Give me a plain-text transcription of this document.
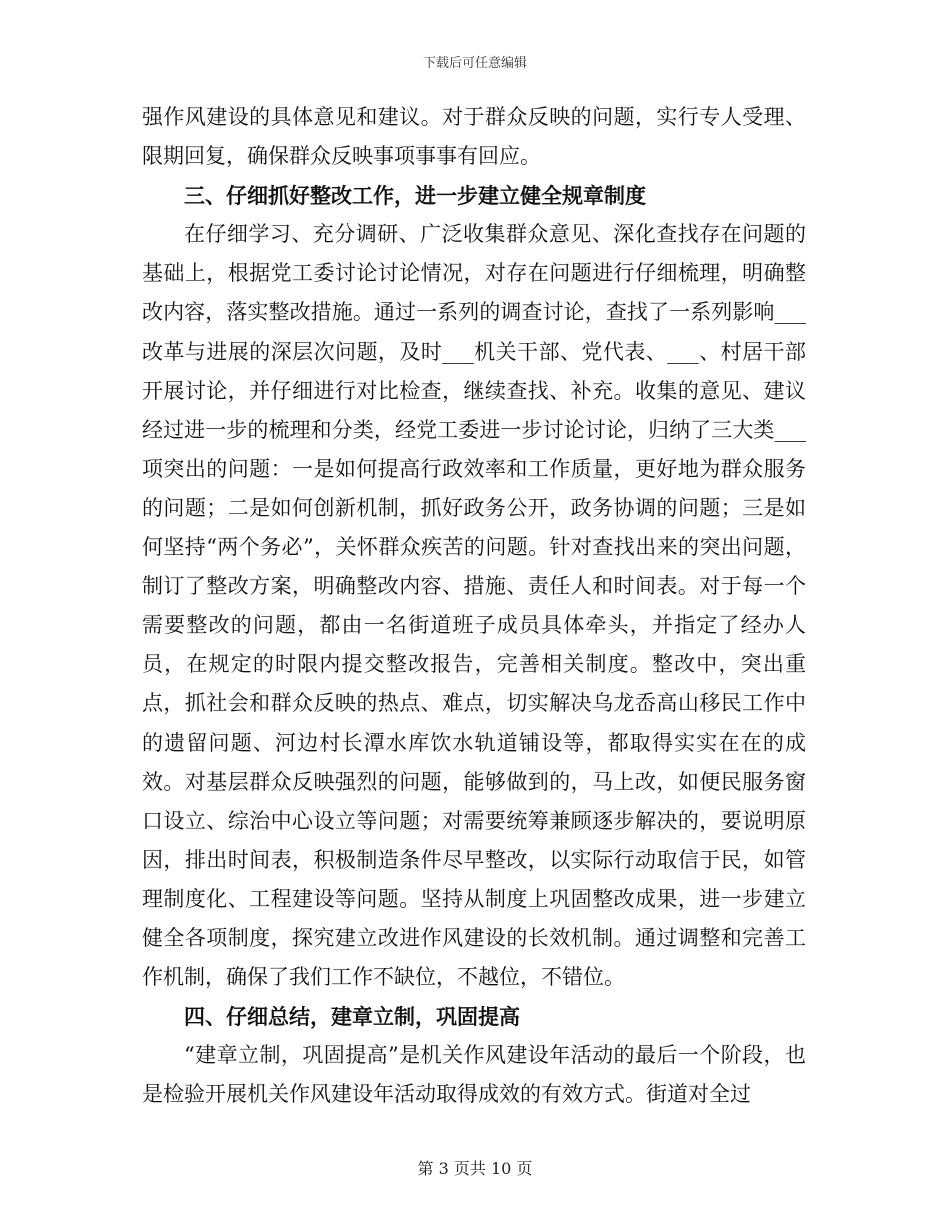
下载后可任意编辑

强作风建设的具体意见和建议。对于群众反映的问题，实行专人受理、限期回复，确保群众反映事项事事有回应。

三、仔细抓好整改工作，进一步建立健全规章制度

在仔细学习、充分调研、广泛收集群众意见、深化查找存在问题的基础上，根据党工委讨论讨论情况，对存在问题进行仔细梳理，明确整改内容，落实整改措施。通过一系列的调查讨论，查找了一系列影响___改革与进展的深层次问题，及时___机关干部、党代表、___、村居干部开展讨论，并仔细进行对比检查，继续查找、补充。收集的意见、建议经过进一步的梳理和分类，经党工委进一步讨论讨论，归纳了三大类___项突出的问题：一是如何提高行政效率和工作质量，更好地为群众服务的问题；二是如何创新机制，抓好政务公开，政务协调的问题；三是如何坚持“两个务必”，关怀群众疾苦的问题。针对查找出来的突出问题，制订了整改方案，明确整改内容、措施、责任人和时间表。对于每一个需要整改的问题，都由一名街道班子成员具体牵头，并指定了经办人员，在规定的时限内提交整改报告，完善相关制度。整改中，突出重点，抓社会和群众反映的热点、难点，切实解决乌龙岙高山移民工作中的遗留问题、河边村长潭水库饮水轨道铺设等，都取得实实在在的成效。对基层群众反映强烈的问题，能够做到的，马上改，如便民服务窗口设立、综治中心设立等问题；对需要统筹兼顾逐步解决的，要说明原因，排出时间表，积极制造条件尽早整改，以实际行动取信于民，如管理制度化、工程建设等问题。坚持从制度上巩固整改成果，进一步建立健全各项制度，探究建立改进作风建设的长效机制。通过调整和完善工作机制，确保了我们工作不缺位，不越位，不错位。

四、仔细总结，建章立制，巩固提高

“建章立制，巩固提高”是机关作风建设年活动的最后一个阶段，也是检验开展机关作风建设年活动取得成效的有效方式。街道对全过

第 3 页共 10 页
